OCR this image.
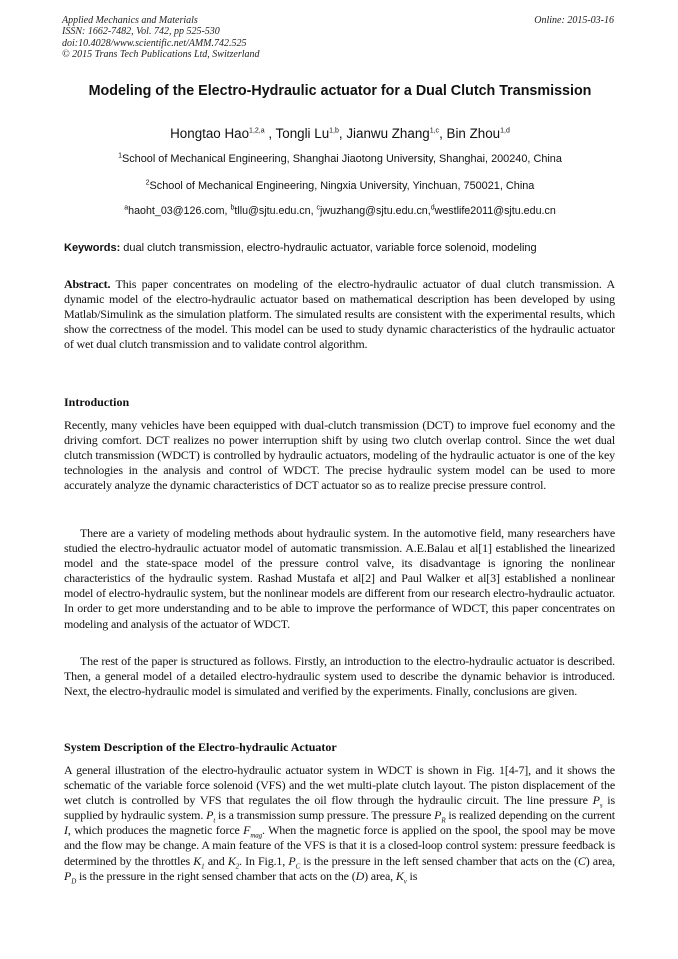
Applied Mechanics and Materials
ISSN: 1662-7482, Vol. 742, pp 525-530
doi:10.4028/www.scientific.net/AMM.742.525
© 2015 Trans Tech Publications Ltd, Switzerland
Online: 2015-03-16
Modeling of the Electro-Hydraulic actuator for a Dual Clutch Transmission
Hongtao Hao$^{1,2,a}$ , Tongli Lu$^{1,b}$, Jianwu Zhang$^{1,c}$, Bin Zhou$^{1,d}$
$^1$School of Mechanical Engineering, Shanghai Jiaotong University, Shanghai, 200240, China
$^2$School of Mechanical Engineering, Ningxia University, Yinchuan, 750021, China
$^a$haoht_03@126.com, $^b$tllu@sjtu.edu.cn, $^c$jwuzhang@sjtu.edu.cn,$^d$westlife2011@sjtu.edu.cn
Keywords: dual clutch transmission, electro-hydraulic actuator, variable force solenoid, modeling
Abstract. This paper concentrates on modeling of the electro-hydraulic actuator of dual clutch transmission. A dynamic model of the electro-hydraulic actuator based on mathematical description has been developed by using Matlab/Simulink as the simulation platform. The simulated results are consistent with the experimental results, which show the correctness of the model. This model can be used to study dynamic characteristics of the hydraulic actuator of wet dual clutch transmission and to validate control algorithm.
Introduction
Recently, many vehicles have been equipped with dual-clutch transmission (DCT) to improve fuel economy and the driving comfort. DCT realizes no power interruption shift by using two clutch overlap control. Since the wet dual clutch transmission (WDCT) is controlled by hydraulic actuators, modeling of the hydraulic actuator is one of the key technologies in the analysis and control of WDCT. The precise hydraulic system model can be used to more accurately analyze the dynamic characteristics of DCT actuator so as to realize precise pressure control.
There are a variety of modeling methods about hydraulic system. In the automotive field, many researchers have studied the electro-hydraulic actuator model of automatic transmission. A.E.Balau et al[1] established the linearized model and the state-space model of the pressure control valve, its disadvantage is ignoring the nonlinear characteristics of the hydraulic system. Rashad Mustafa et al[2] and Paul Walker et al[3] established a nonlinear model of electro-hydraulic system, but the nonlinear models are different from our research electro-hydraulic actuator. In order to get more understanding and to be able to improve the performance of WDCT, this paper concentrates on modeling and analysis of the actuator of WDCT.
The rest of the paper is structured as follows. Firstly, an introduction to the electro-hydraulic actuator is described. Then, a general model of a detailed electro-hydraulic system used to describe the dynamic behavior is introduced. Next, the electro-hydraulic model is simulated and verified by the experiments. Finally, conclusions are given.
System Description of the Electro-hydraulic Actuator
A general illustration of the electro-hydraulic actuator system in WDCT is shown in Fig. 1[4-7], and it shows the schematic of the variable force solenoid (VFS) and the wet multi-plate clutch layout. The piston displacement of the wet clutch is controlled by VFS that regulates the oil flow through the hydraulic circuit. The line pressure $P_s$ is supplied by hydraulic system. $P_t$ is a transmission sump pressure. The pressure $P_R$ is realized depending on the current I, which produces the magnetic force $F_{mag}$. When the magnetic force is applied on the spool, the spool may be move and the flow may be change. A main feature of the VFS is that it is a closed-loop control system: pressure feedback is determined by the throttles $K_1$ and $K_2$. In Fig.1, $P_C$ is the pressure in the left sensed chamber that acts on the (C) area, $P_D$ is the pressure in the right sensed chamber that acts on the (D) area, $K_v$ is
